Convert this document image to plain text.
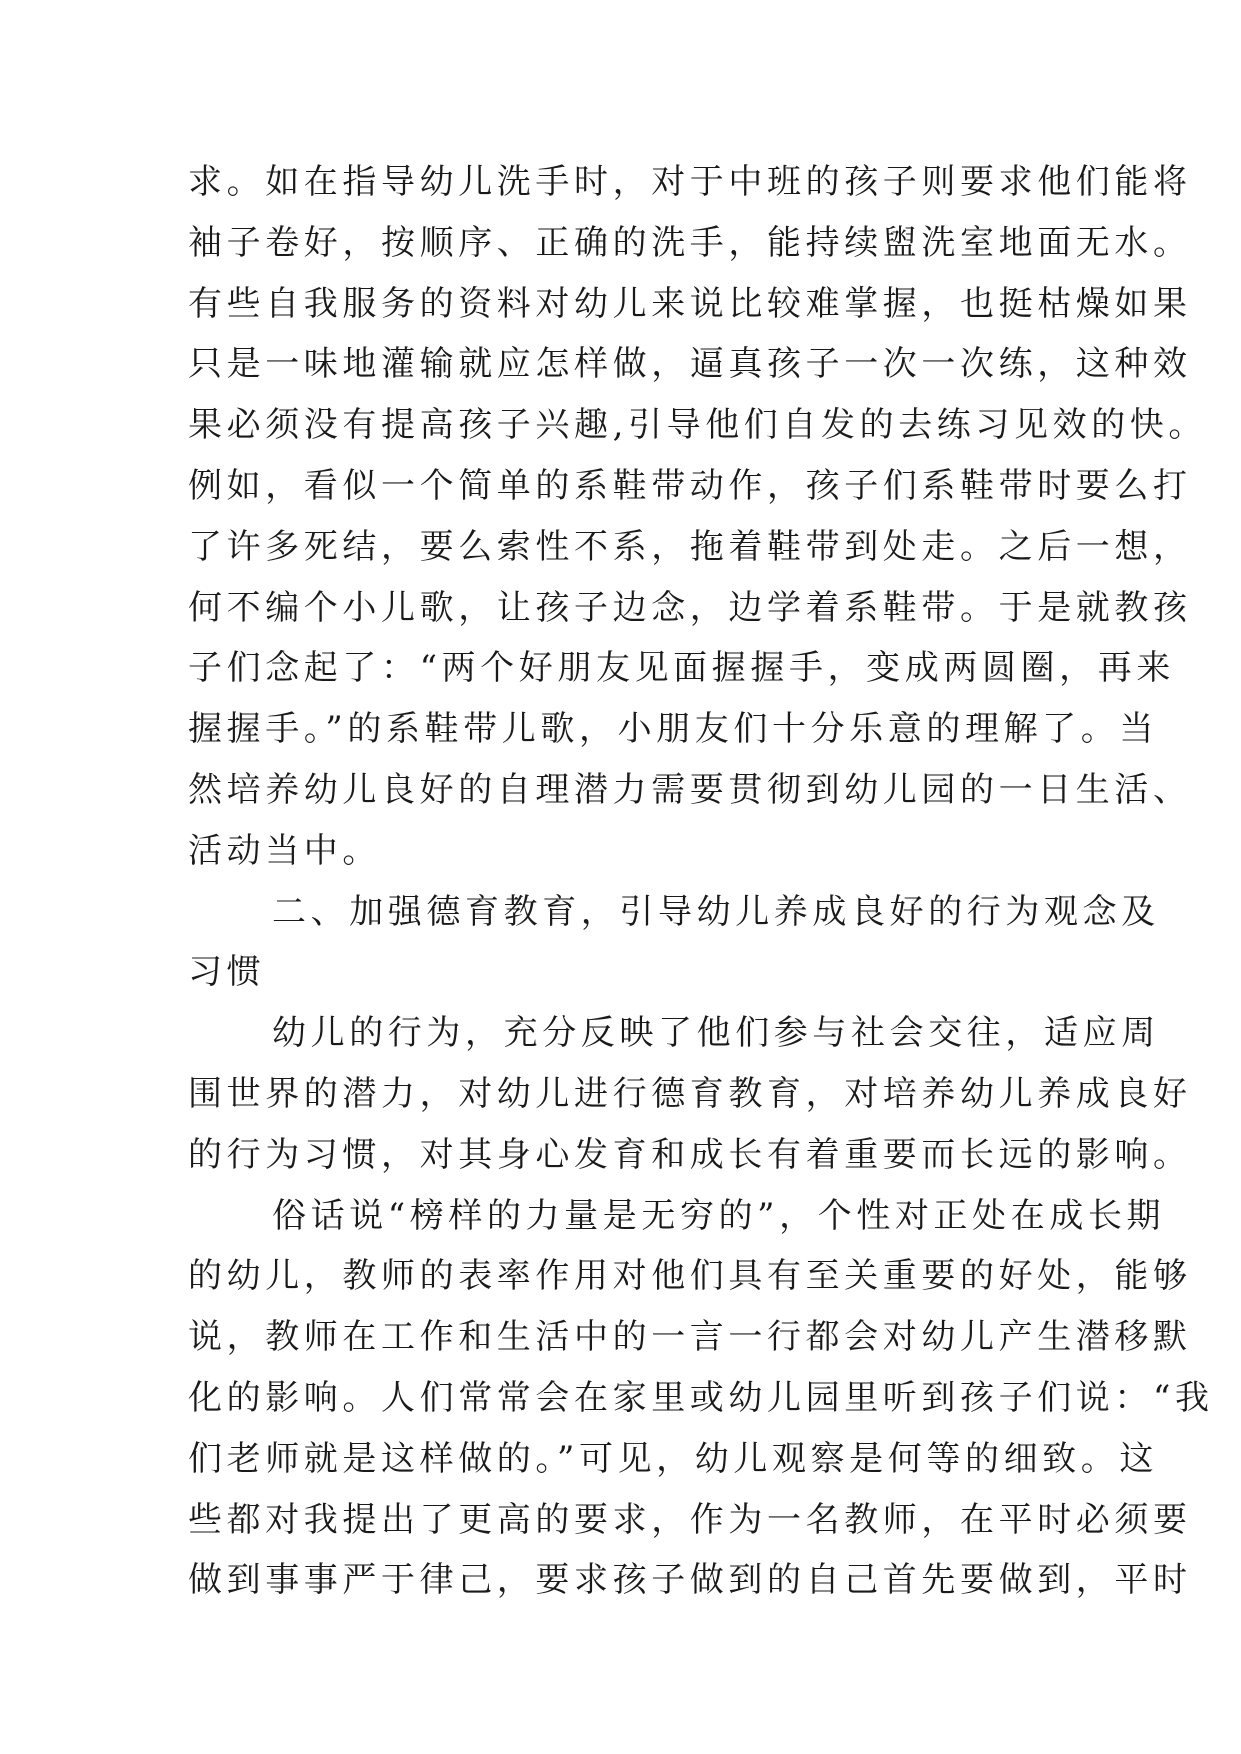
求。如在指导幼儿洗手时，对于中班的孩子则要求他们能将
袖子卷好，按顺序、正确的洗手，能持续盥洗室地面无水。
有些自我服务的资料对幼儿来说比较难掌握，也挺枯燥如果
只是一味地灌输就应怎样做，逼真孩子一次一次练，这种效
果必须没有提高孩子兴趣,引导他们自发的去练习见效的快。
例如，看似一个简单的系鞋带动作，孩子们系鞋带时要么打
了许多死结，要么索性不系，拖着鞋带到处走。之后一想，
何不编个小儿歌，让孩子边念，边学着系鞋带。于是就教孩
子们念起了：“两个好朋友见面握握手，变成两圆圈，再来
握握手。”的系鞋带儿歌，小朋友们十分乐意的理解了。当
然培养幼儿良好的自理潜力需要贯彻到幼儿园的一日生活、
活动当中。
二、加强德育教育，引导幼儿养成良好的行为观念及
习惯
幼儿的行为，充分反映了他们参与社会交往，适应周
围世界的潜力，对幼儿进行德育教育，对培养幼儿养成良好
的行为习惯，对其身心发育和成长有着重要而长远的影响。
俗话说“榜样的力量是无穷的”，个性对正处在成长期
的幼儿，教师的表率作用对他们具有至关重要的好处，能够
说，教师在工作和生活中的一言一行都会对幼儿产生潜移默
化的影响。人们常常会在家里或幼儿园里听到孩子们说：“我
们老师就是这样做的。”可见，幼儿观察是何等的细致。这
些都对我提出了更高的要求，作为一名教师，在平时必须要
做到事事严于律己，要求孩子做到的自己首先要做到，平时
